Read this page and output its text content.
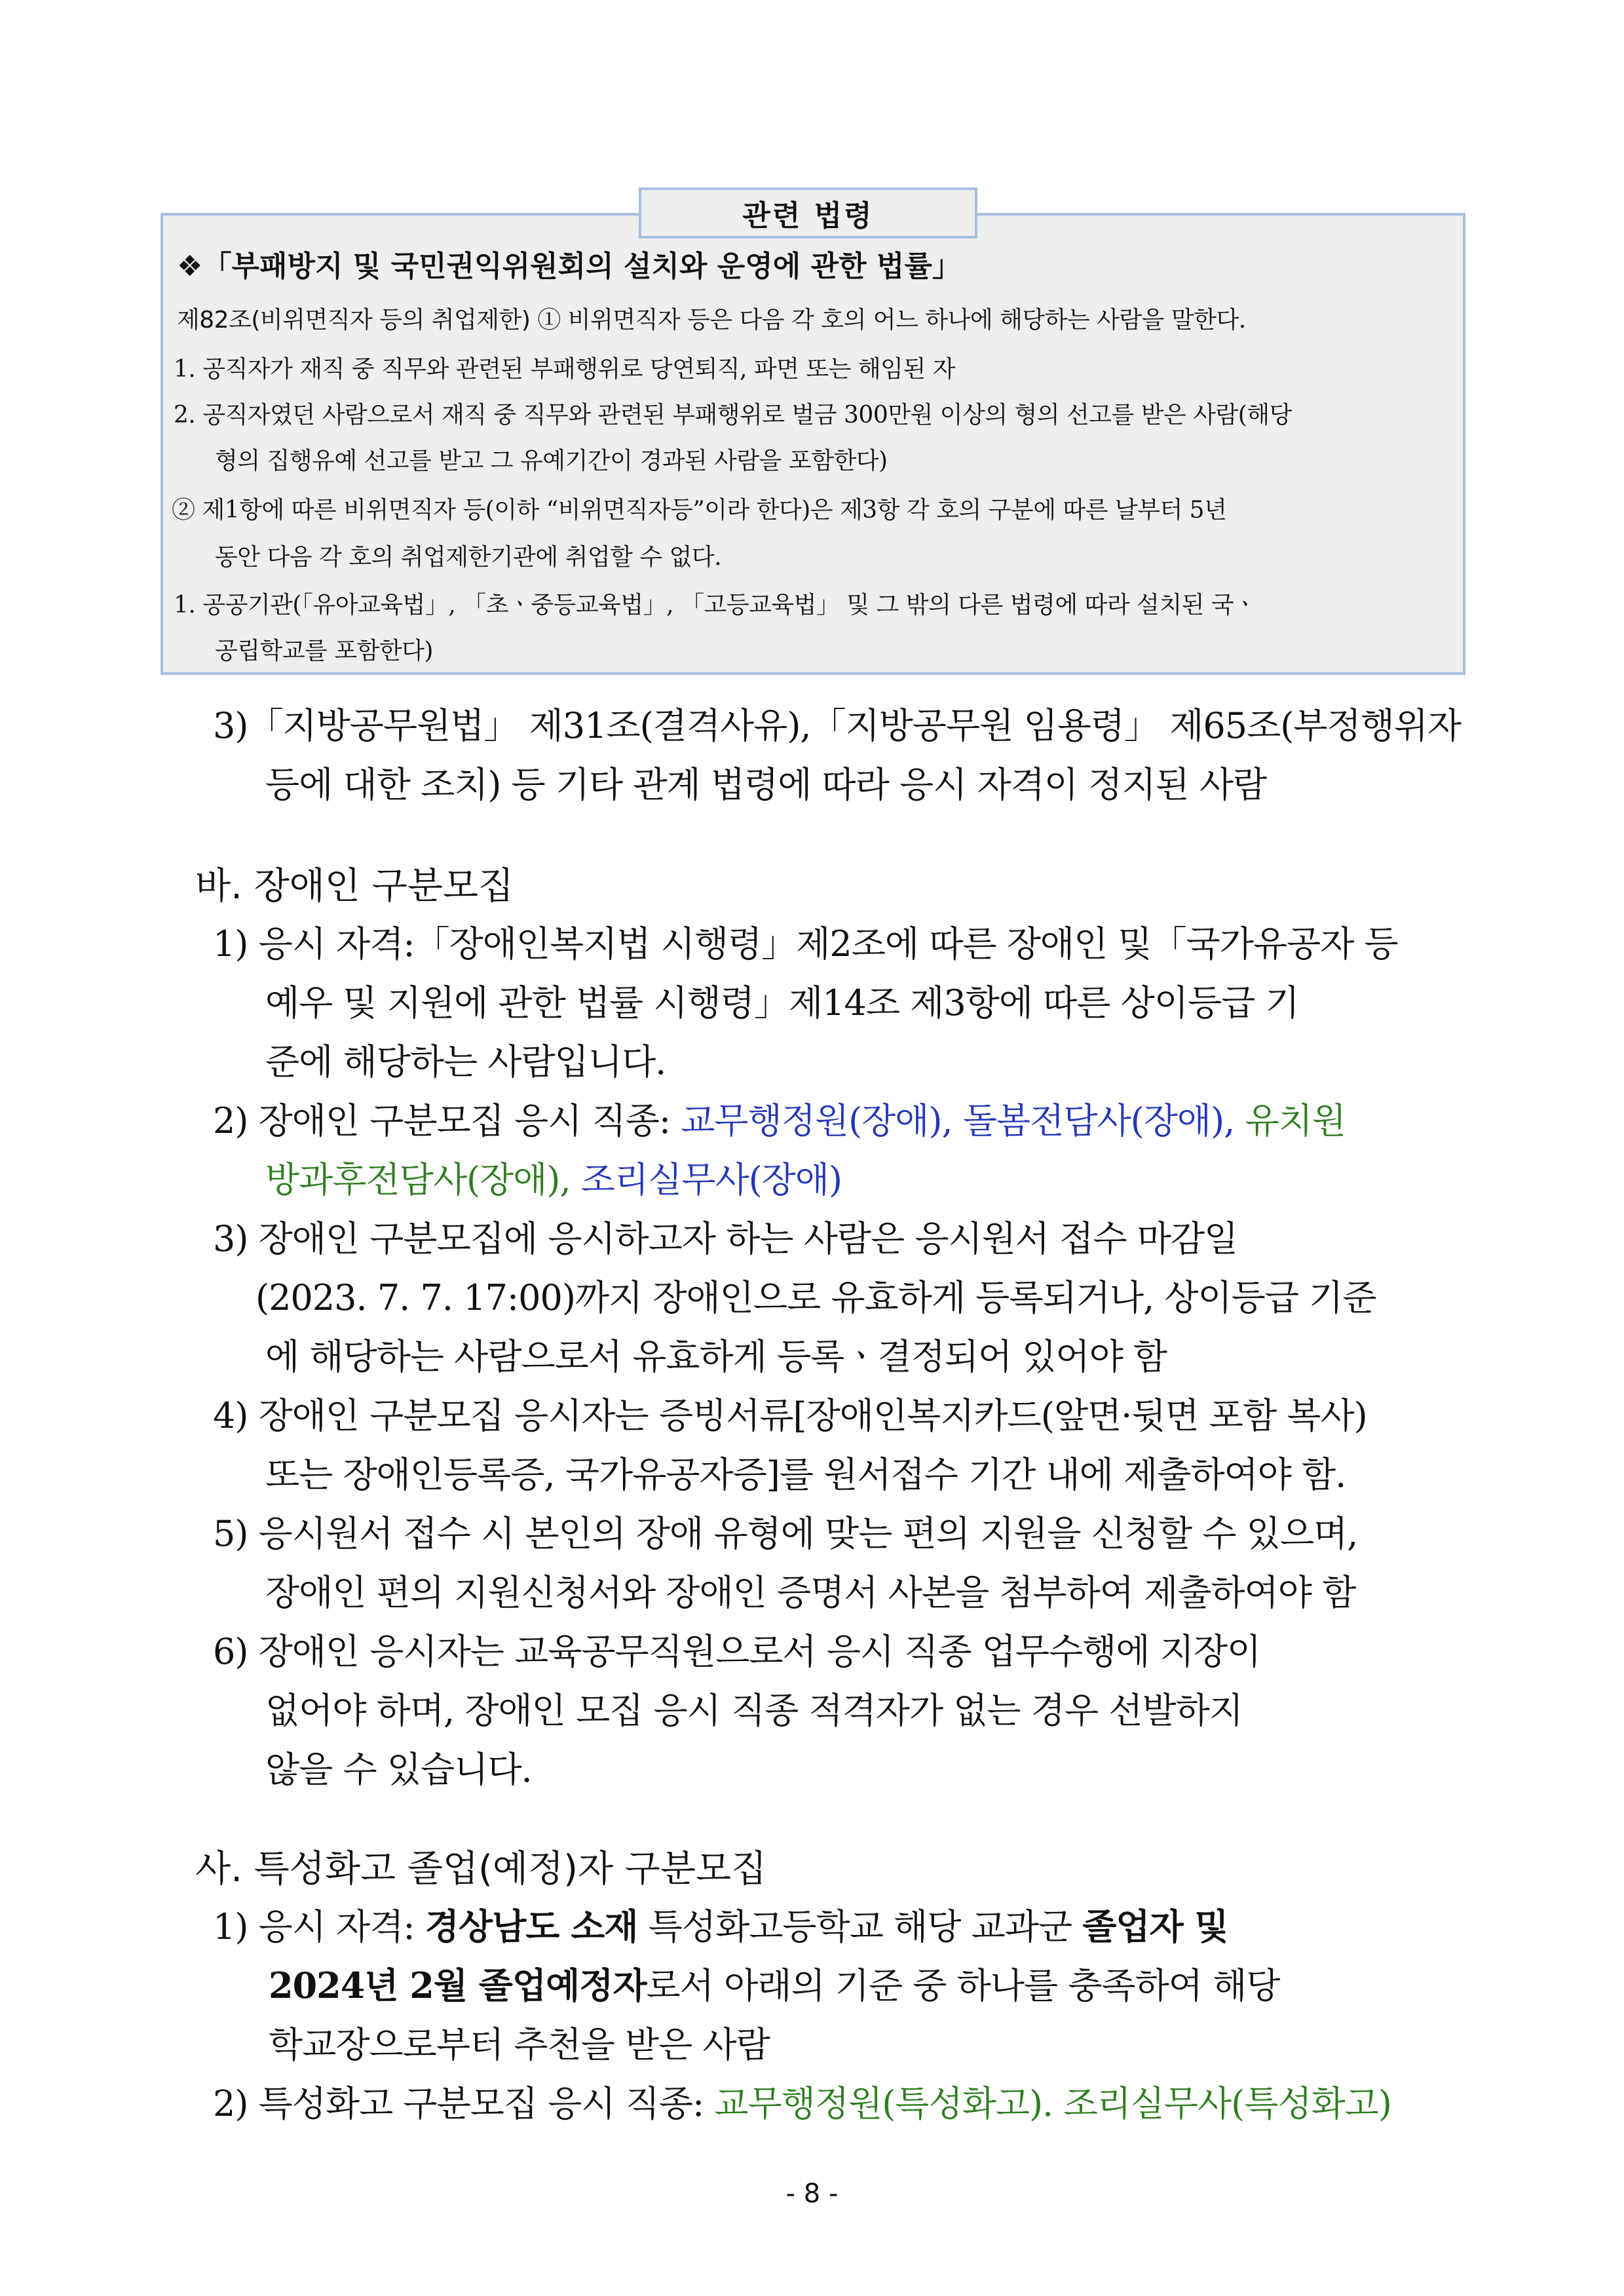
관련 법령
❖「부패방지 및 국민권익위원회의 설치와 운영에 관한 법률」
제82조(비위면직자 등의 취업제한) ① 비위면직자 등은 다음 각 호의 어느 하나에 해당하는 사람을 말한다.
1. 공직자가 재직 중 직무와 관련된 부패행위로 당연퇴직, 파면 또는 해임된 자
2. 공직자였던 사람으로서 재직 중 직무와 관련된 부패행위로 벌금 300만원 이상의 형의 선고를 받은 사람(해당
형의 집행유예 선고를 받고 그 유예기간이 경과된 사람을 포함한다)
② 제1항에 따른 비위면직자 등(이하 “비위면직자등”이라 한다)은 제3항 각 호의 구분에 따른 날부터 5년
동안 다음 각 호의 취업제한기관에 취업할 수 없다.
1. 공공기관(「유아교육법」, 「초ㆍ중등교육법」, 「고등교육법」 및 그 밖의 다른 법령에 따라 설치된 국ㆍ
공립학교를 포함한다)
3)「지방공무원법」 제31조(결격사유),「지방공무원 임용령」 제65조(부정행위자
등에 대한 조치) 등 기타 관계 법령에 따라 응시 자격이 정지된 사람
바. 장애인 구분모집
1) 응시 자격:「장애인복지법 시행령」제2조에 따른 장애인 및「국가유공자 등
예우 및 지원에 관한 법률 시행령」제14조 제3항에 따른 상이등급 기
준에 해당하는 사람입니다.
2) 장애인 구분모집 응시 직종: 교무행정원(장애), 돌봄전담사(장애), 유치원
방과후전담사(장애), 조리실무사(장애)
3) 장애인 구분모집에 응시하고자 하는 사람은 응시원서 접수 마감일
(2023. 7. 7. 17:00)까지 장애인으로 유효하게 등록되거나, 상이등급 기준
에 해당하는 사람으로서 유효하게 등록ㆍ결정되어 있어야 함
4) 장애인 구분모집 응시자는 증빙서류[장애인복지카드(앞면·뒷면 포함 복사)
또는 장애인등록증, 국가유공자증]를 원서접수 기간 내에 제출하여야 함.
5) 응시원서 접수 시 본인의 장애 유형에 맞는 편의 지원을 신청할 수 있으며,
장애인 편의 지원신청서와 장애인 증명서 사본을 첨부하여 제출하여야 함
6) 장애인 응시자는 교육공무직원으로서 응시 직종 업무수행에 지장이
없어야 하며, 장애인 모집 응시 직종 적격자가 없는 경우 선발하지
않을 수 있습니다.
사. 특성화고 졸업(예정)자 구분모집
1) 응시 자격: 경상남도 소재 특성화고등학교 해당 교과군 졸업자 및
2024년 2월 졸업예정자로서 아래의 기준 중 하나를 충족하여 해당
학교장으로부터 추천을 받은 사람
2) 특성화고 구분모집 응시 직종: 교무행정원(특성화고). 조리실무사(특성화고)
- 8 -
